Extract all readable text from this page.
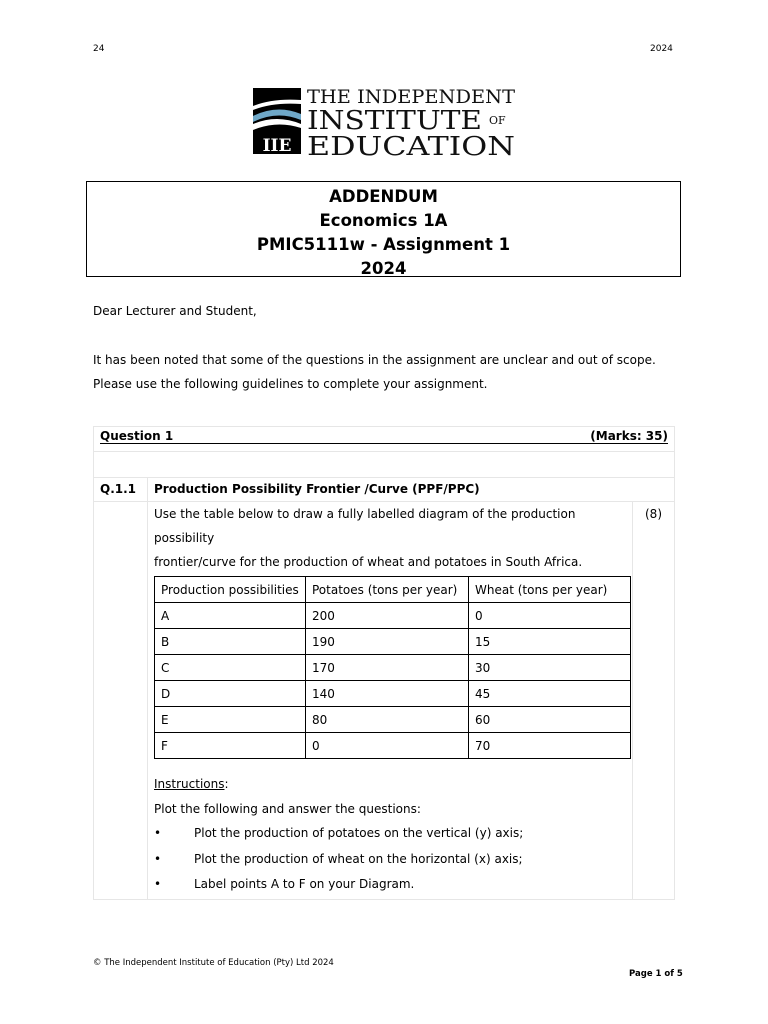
24	2024
IIE
THE INDEPENDENT
INSTITUTE OF
EDUCATION
ADDENDUM
Economics 1A
PMIC5111w - Assignment 1
2024
Dear Lecturer and Student,
It has been noted that some of the questions in the assignment are unclear and out of scope.
Please use the following guidelines to complete your assignment.
Question 1 (Marks: 35)		

Q.1.1	Production Possibility Frontier /Curve (PPF/PPC)	

	Use the table below to draw a fully labelled diagram of the production possibility
frontier/curve for the production of wheat and potatoes in South Africa.	(8)
Production possibilities	Potatoes (tons per year)	Wheat (tons per year)
A	200	0
B	190	15
C	170	30
D	140	45
E	80	60
F	0	70
Instructions:
Plot the following and answer the questions:
•	Plot the production of potatoes on the vertical (y) axis;
•	Plot the production of wheat on the horizontal (x) axis;
•	Label points A to F on your Diagram.
© The Independent Institute of Education (Pty) Ltd 2024
Page 1 of 5
